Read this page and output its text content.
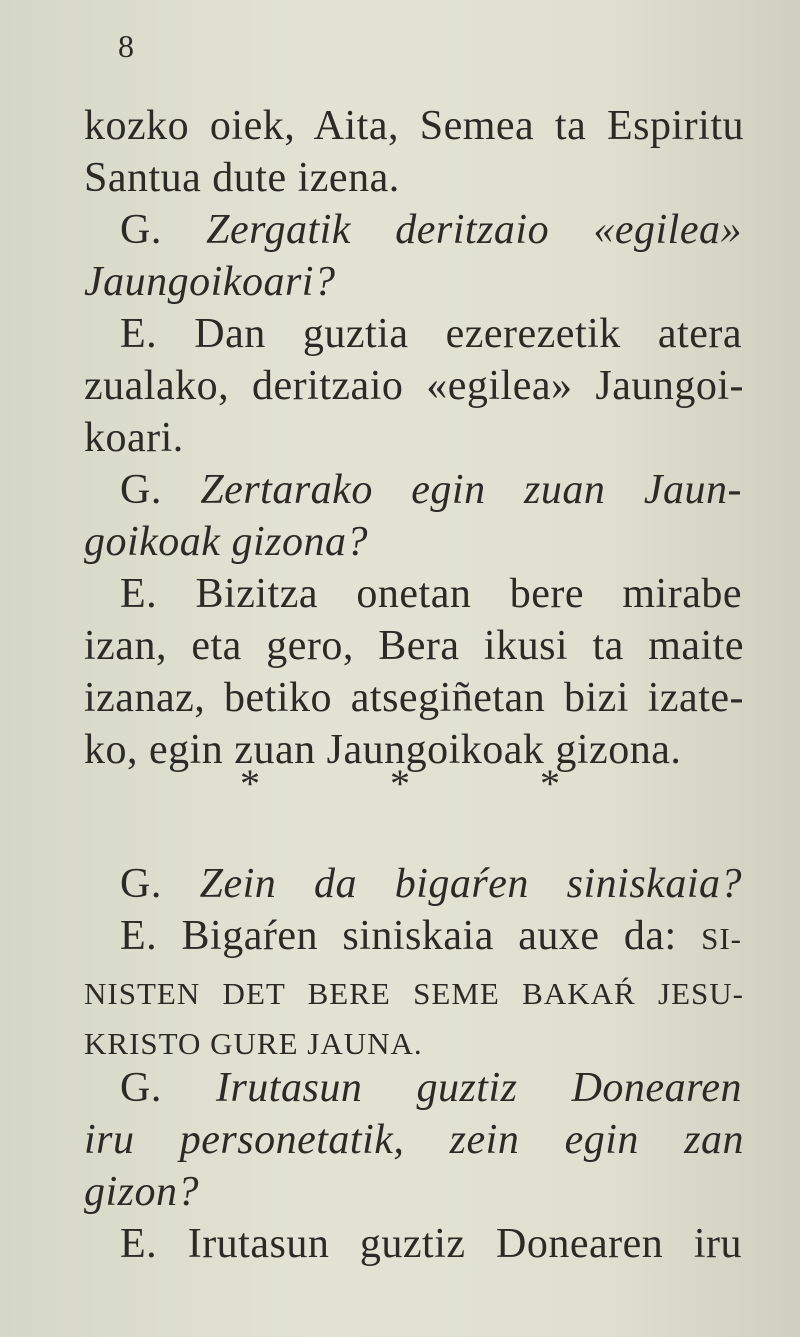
8
kozko oiek, Aita, Semea ta Espiritu
Santua dute izena.
G. Zergatik deritzaio «egilea»
Jaungoikoari?
E. Dan guztia ezerezetik atera
zualako, deritzaio «egilea» Jaungoi-
koari.
G. Zertarako egin zuan Jaun-
goikoak gizona?
E. Bizitza onetan bere mirabe
izan, eta gero, Bera ikusi ta maite
izanaz, betiko atsegiñetan bizi izate-
ko, egin zuan Jaungoikoak gizona.
* * *
G. Zein da bigaŕen siniskaia?
E. Bigaŕen siniskaia auxe da: SI-
NISTEN DET BERE SEME BAKAŔ JESU-
KRISTO GURE JAUNA.
G. Irutasun guztiz Donearen
iru personetatik, zein egin zan
gizon?
E. Irutasun guztiz Donearen iru
